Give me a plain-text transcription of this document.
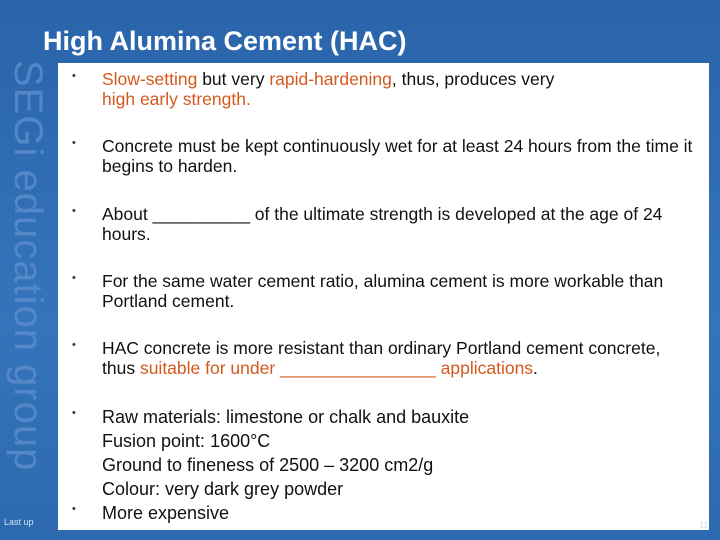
SEGi education group
High Alumina Cement (HAC)
• Slow-setting but very rapid-hardening, thus, produces very
high early strength.
• Concrete must be kept continuously wet for at least 24 hours from the time it begins to harden.
• About __________ of the ultimate strength is developed at the age of 24 hours.
• For the same water cement ratio, alumina cement is more workable than Portland cement.
• HAC concrete is more resistant than ordinary Portland cement concrete, thus suitable for under ________________ applications.
•
•
Raw materials: limestone or chalk and bauxite
Fusion point: 1600°C
Ground to fineness of 2500 – 3200 cm2/g
Colour: very dark grey powder
More expensive
Last up	11
